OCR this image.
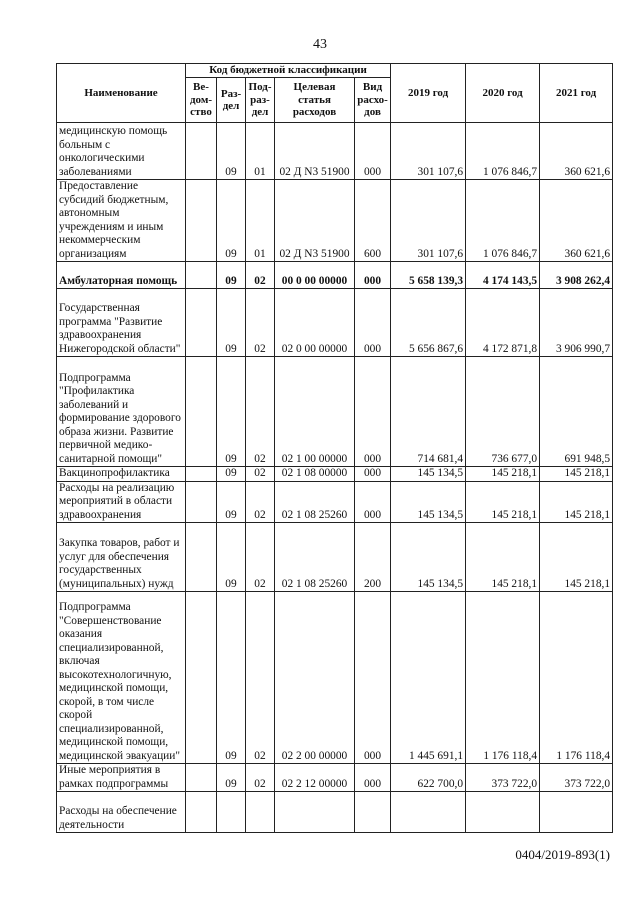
43
Наименование	Код бюджетной классификации					2019 год	2020 год	2021 год
	Ве-дом-ство	Раз-дел	Под-раз-дел	Целевая статья расходов	Вид расхо-дов			
медицинскую помощь больным с онкологическими заболеваниями		09	01	02 Д N3 51900	000	301 107,6	1 076 846,7	360 621,6
Предоставление субсидий бюджетным, автономным учреждениям и иным некоммерческим организациям		09	01	02 Д N3 51900	600	301 107,6	1 076 846,7	360 621,6
Амбулаторная помощь		09	02	00 0 00 00000	000	5 658 139,3	4 174 143,5	3 908 262,4
Государственная программа "Развитие здравоохранения Нижегородской области"		09	02	02 0 00 00000	000	5 656 867,6	4 172 871,8	3 906 990,7
Подпрограмма "Профилактика заболеваний и формирование здорового образа жизни. Развитие первичной медико-санитарной помощи"		09	02	02 1 00 00000	000	714 681,4	736 677,0	691 948,5
Вакцинопрофилактика		09	02	02 1 08 00000	000	145 134,5	145 218,1	145 218,1
Расходы на реализацию мероприятий в области здравоохранения		09	02	02 1 08 25260	000	145 134,5	145 218,1	145 218,1
Закупка товаров, работ и услуг для обеспечения государственных (муниципальных) нужд		09	02	02 1 08 25260	200	145 134,5	145 218,1	145 218,1
Подпрограмма "Совершенствование оказания специализированной, включая высокотехнологичную, медицинской помощи, скорой, в том числе скорой специализированной, медицинской помощи, медицинской эвакуации"		09	02	02 2 00 00000	000	1 445 691,1	1 176 118,4	1 176 118,4
Иные мероприятия в рамках подпрограммы		09	02	02 2 12 00000	000	622 700,0	373 722,0	373 722,0
Расходы на обеспечение деятельности								
0404/2019-893(1)
